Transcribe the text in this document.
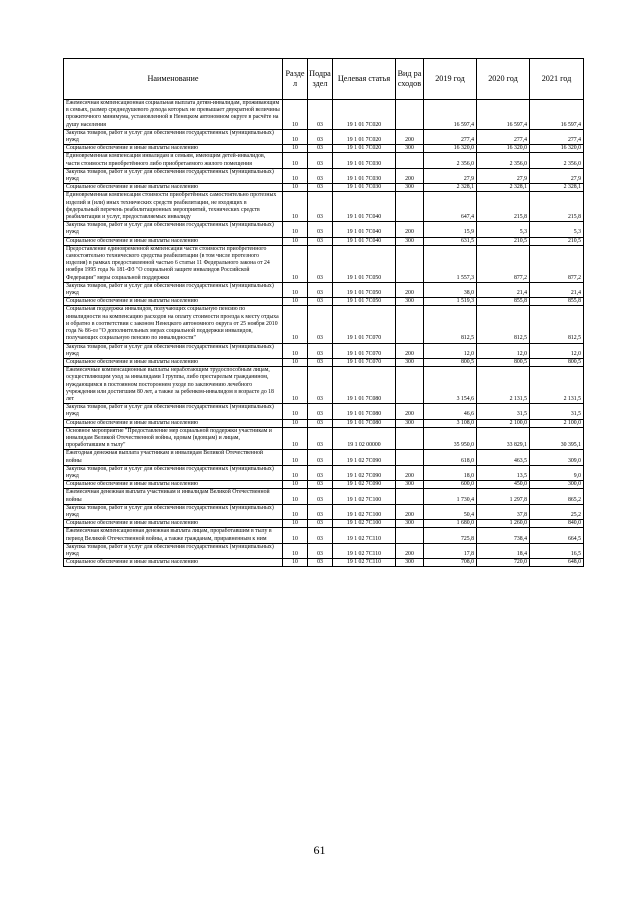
Наименование	Раздел	Подраздел	Целевая статья	Вид расходов	2019 год	2020 год	2021 год
Ежемесячная компенсационная социальная выплата детям-инвалидам, проживающим в семьях, размер среднедушевого дохода которых не превышает двукратной величины прожиточного минимума, установленной в Ненецком автономном округе в расчёте на душу населения	10	03	19 1 01 7С020		16 597,4	16 597,4	16 597,4
Закупка товаров, работ и услуг для обеспечения государственных (муниципальных) нужд	10	03	19 1 01 7С020	200	277,4	277,4	277,4
Социальное обеспечение и иные выплаты населению	10	03	19 1 01 7С020	300	16 320,0	16 320,0	16 320,0
Единовременная компенсация инвалидам и семьям, имеющим детей-инвалидов, части стоимости приобретённого либо приобретаемого жилого помещения	10	03	19 1 01 7С030		2 356,0	2 356,0	2 356,0
Закупка товаров, работ и услуг для обеспечения государственных (муниципальных) нужд	10	03	19 1 01 7С030	200	27,9	27,9	27,9
Социальное обеспечение и иные выплаты населению	10	03	19 1 01 7С030	300	2 328,1	2 328,1	2 328,1
Единовременная компенсация стоимости приобретённых самостоятельно протезных изделий и (или) иных технических средств реабилитации, не входящих в федеральный перечень реабилитационных мероприятий, технических средств реабилитации и услуг, предоставляемых инвалиду	10	03	19 1 01 7С040		647,4	215,8	215,8
Закупка товаров, работ и услуг для обеспечения государственных (муниципальных) нужд	10	03	19 1 01 7С040	200	15,9	5,3	5,3
Социальное обеспечение и иные выплаты населению	10	03	19 1 01 7С040	300	631,5	210,5	210,5
Предоставление единовременной компенсации части стоимости приобретенного самостоятельно технического средства реабилитации (в том числе протезного изделия) в рамках предоставленной частью 6 статьи 11 Федерального закона от 24 ноября 1995 года № 181-ФЗ "О социальной защите инвалидов Российской Федерации" меры социальной поддержки	10	03	19 1 01 7С050		1 557,3	877,2	877,2
Закупка товаров, работ и услуг для обеспечения государственных (муниципальных) нужд	10	03	19 1 01 7С050	200	38,0	21,4	21,4
Социальное обеспечение и иные выплаты населению	10	03	19 1 01 7С050	300	1 519,3	855,8	855,8
Социальная поддержка инвалидов, получающих социальную пенсию по инвалидности на компенсацию расходов на оплату стоимости проезда к месту отдыха и обратно в соответствии с законом Ненецкого автономного округа от 25 ноября 2010 года № 86-оз "О дополнительных мерах социальной поддержки инвалидов, получающих социальную пенсию по инвалидности"	10	03	19 1 01 7С070		812,5	812,5	812,5
Закупка товаров, работ и услуг для обеспечения государственных (муниципальных) нужд	10	03	19 1 01 7С070	200	12,0	12,0	12,0
Социальное обеспечение и иные выплаты населению	10	03	19 1 01 7С070	300	800,5	800,5	800,5
Ежемесячные компенсационные выплаты неработающим трудоспособным лицам, осуществляющим уход за инвалидами I группы, либо престарелым гражданином, нуждающимся в постоянном постороннем уходе по заключению лечебного учреждения или достигшим 80 лет, а также за ребенком-инвалидом в возрасте до 18 лет	10	03	19 1 01 7С080		3 154,6	2 131,5	2 131,5
Закупка товаров, работ и услуг для обеспечения государственных (муниципальных) нужд	10	03	19 1 01 7С080	200	46,6	31,5	31,5
Социальное обеспечение и иные выплаты населению	10	03	19 1 01 7С080	300	3 108,0	2 100,0	2 100,0
Основное мероприятие "Предоставление мер социальной поддержки участникам и инвалидам Великой Отечественной войны, вдовам (вдовцам) и лицам, проработавшим в тылу"	10	03	19 1 02 00000		35 950,0	33 829,1	30 395,1
Ежегодная денежная выплата участникам и инвалидам Великой Отечественной войны	10	03	19 1 02 7С090		618,0	463,5	309,0
Закупка товаров, работ и услуг для обеспечения государственных (муниципальных) нужд	10	03	19 1 02 7С090	200	18,0	13,5	9,0
Социальное обеспечение и иные выплаты населению	10	03	19 1 02 7С090	300	600,0	450,0	300,0
Ежемесячная денежная выплата участникам и инвалидам Великой Отечественной войны	10	03	19 1 02 7С100		1 730,4	1 297,8	865,2
Закупка товаров, работ и услуг для обеспечения государственных (муниципальных) нужд	10	03	19 1 02 7С100	200	50,4	37,8	25,2
Социальное обеспечение и иные выплаты населению	10	03	19 1 02 7С100	300	1 680,0	1 260,0	840,0
Ежемесячная компенсационная денежная выплата лицам, проработавшим в тылу в период Великой Отечественной войны, а также гражданам, приравненным к ним	10	03	19 1 02 7С110		725,8	738,4	664,5
Закупка товаров, работ и услуг для обеспечения государственных (муниципальных) нужд	10	03	19 1 02 7С110	200	17,8	18,4	16,5
Социальное обеспечение и иные выплаты населению	10	03	19 1 02 7С110	300	708,0	720,0	648,0
61
